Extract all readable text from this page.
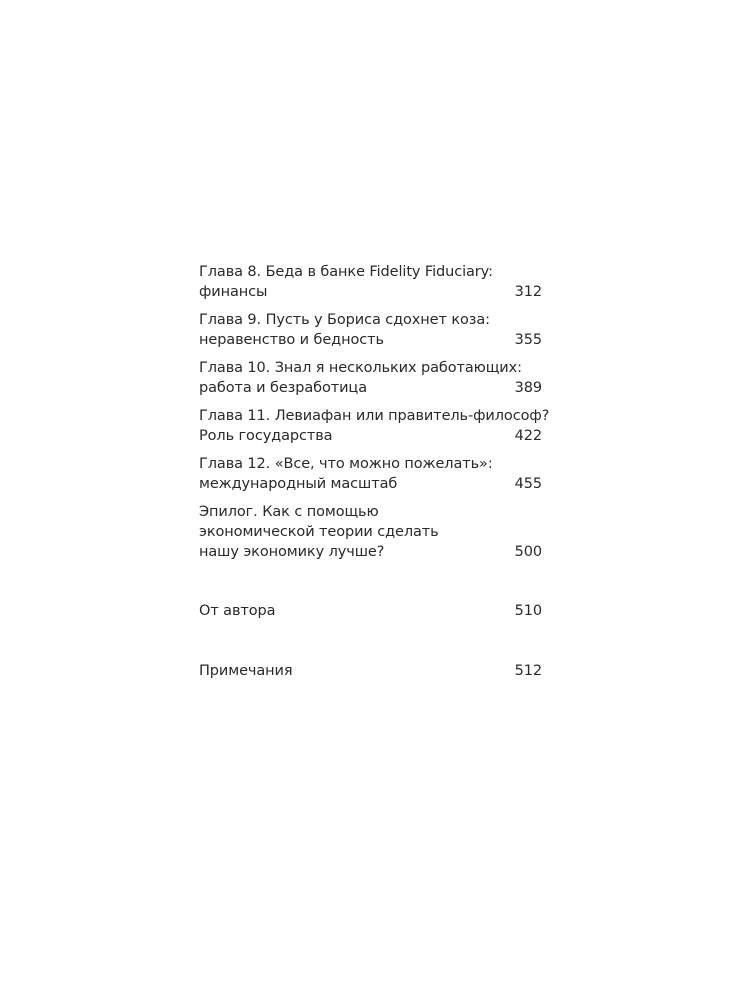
Глава 8. Беда в банке Fidelity Fiduciary:
финансы	312
Глава 9. Пусть у Бориса сдохнет коза:
неравенство и бедность	355
Глава 10. Знал я нескольких работающих:
работа и безработица	389
Глава 11. Левиафан или правитель-философ?
Роль государства	422
Глава 12. «Все, что можно пожелать»:
международный масштаб	455
Эпилог. Как с помощью
экономической теории сделать
нашу экономику лучше?	500
От автора	510
Примечания	512
